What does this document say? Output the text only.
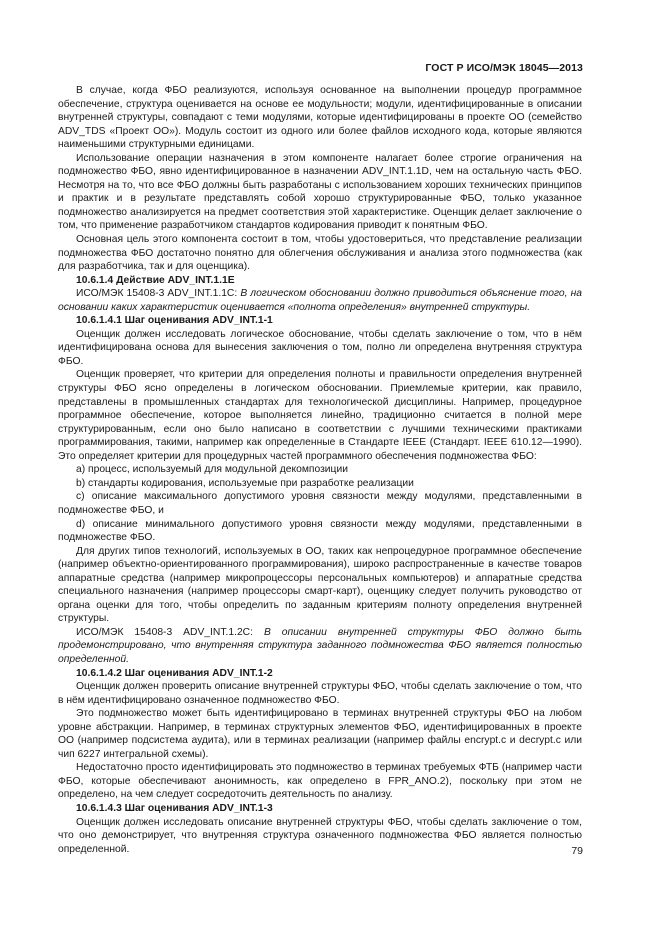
ГОСТ Р ИСО/МЭК 18045—2013

В случае, когда ФБО реализуются, используя основанное на выполнении процедур программное обеспечение, структура оценивается на основе ее модульности; модули, идентифицированные в описании внутренней структуры, совпадают с теми модулями, которые идентифицированы в проекте ОО (семейство ADV_TDS «Проект ОО»). Модуль состоит из одного или более файлов исходного кода, которые являются наименьшими структурными единицами.

Использование операции назначения в этом компоненте налагает более строгие ограничения на подмножество ФБО, явно идентифицированное в назначении ADV_INT.1.1D, чем на остальную часть ФБО. Несмотря на то, что все ФБО должны быть разработаны с использованием хороших технических принципов и практик и в результате представлять собой хорошо структурированные ФБО, только указанное подмножество анализируется на предмет соответствия этой характеристике. Оценщик делает заключение о том, что применение разработчиком стандартов кодирования приводит к понятным ФБО.

Основная цель этого компонента состоит в том, чтобы удостовериться, что представление реализации подмножества ФБО достаточно понятно для облегчения обслуживания и анализа этого подмножества (как для разработчика, так и для оценщика).

10.6.1.4 Действие ADV_INT.1.1E

ИСО/МЭК 15408-3 ADV_INT.1.1C: В логическом обосновании должно приводиться объяснение того, на основании каких характеристик оценивается «полнота определения» внутренней структуры.

10.6.1.4.1 Шаг оценивания ADV_INT.1-1

Оценщик должен исследовать логическое обоснование, чтобы сделать заключение о том, что в нём идентифицирована основа для вынесения заключения о том, полно ли определена внутренняя структура ФБО.

Оценщик проверяет, что критерии для определения полноты и правильности определения внутренней структуры ФБО ясно определены в логическом обосновании. Приемлемые критерии, как правило, представлены в промышленных стандартах для технологической дисциплины. Например, процедурное программное обеспечение, которое выполняется линейно, традиционно считается в полной мере структурированным, если оно было написано в соответствии с лучшими техническими практиками программирования, такими, например как определенные в Стандарте IEEE (Стандарт. IEEE 610.12—1990). Это определяет критерии для процедурных частей программного обеспечения подмножества ФБО:

a) процесс, используемый для модульной декомпозиции

b) стандарты кодирования, используемые при разработке реализации

c) описание максимального допустимого уровня связности между модулями, представленными в подмножестве ФБО, и

d) описание минимального допустимого уровня связности между модулями, представленными в подмножестве ФБО.

Для других типов технологий, используемых в ОО, таких как непроцедурное программное обеспечение (например объектно-ориентированного программирования), широко распространенные в качестве товаров аппаратные средства (например микропроцессоры персональных компьютеров) и аппаратные средства специального назначения (например процессоры смарт-карт), оценщику следует получить руководство от органа оценки для того, чтобы определить по заданным критериям полноту определения внутренней структуры.

ИСО/МЭК 15408-3 ADV_INT.1.2C: В описании внутренней структуры ФБО должно быть продемонстрировано, что внутренняя структура заданного подмножества ФБО является полностью определенной.

10.6.1.4.2 Шаг оценивания ADV_INT.1-2

Оценщик должен проверить описание внутренней структуры ФБО, чтобы сделать заключение о том, что в нём идентифицировано означенное подмножество ФБО.

Это подмножество может быть идентифицировано в терминах внутренней структуры ФБО на любом уровне абстракции. Например, в терминах структурных элементов ФБО, идентифицированных в проекте ОО (например подсистема аудита), или в терминах реализации (например файлы encrypt.c и decrypt.c или чип 6227 интегральной схемы).

Недостаточно просто идентифицировать это подмножество в терминах требуемых ФТБ (например части ФБО, которые обеспечивают анонимность, как определено в FPR_ANO.2), поскольку при этом не определено, на чем следует сосредоточить деятельность по анализу.

10.6.1.4.3 Шаг оценивания ADV_INT.1-3

Оценщик должен исследовать описание внутренней структуры ФБО, чтобы сделать заключение о том, что оно демонстрирует, что внутренняя структура означенного подмножества ФБО является полностью определенной.	79
